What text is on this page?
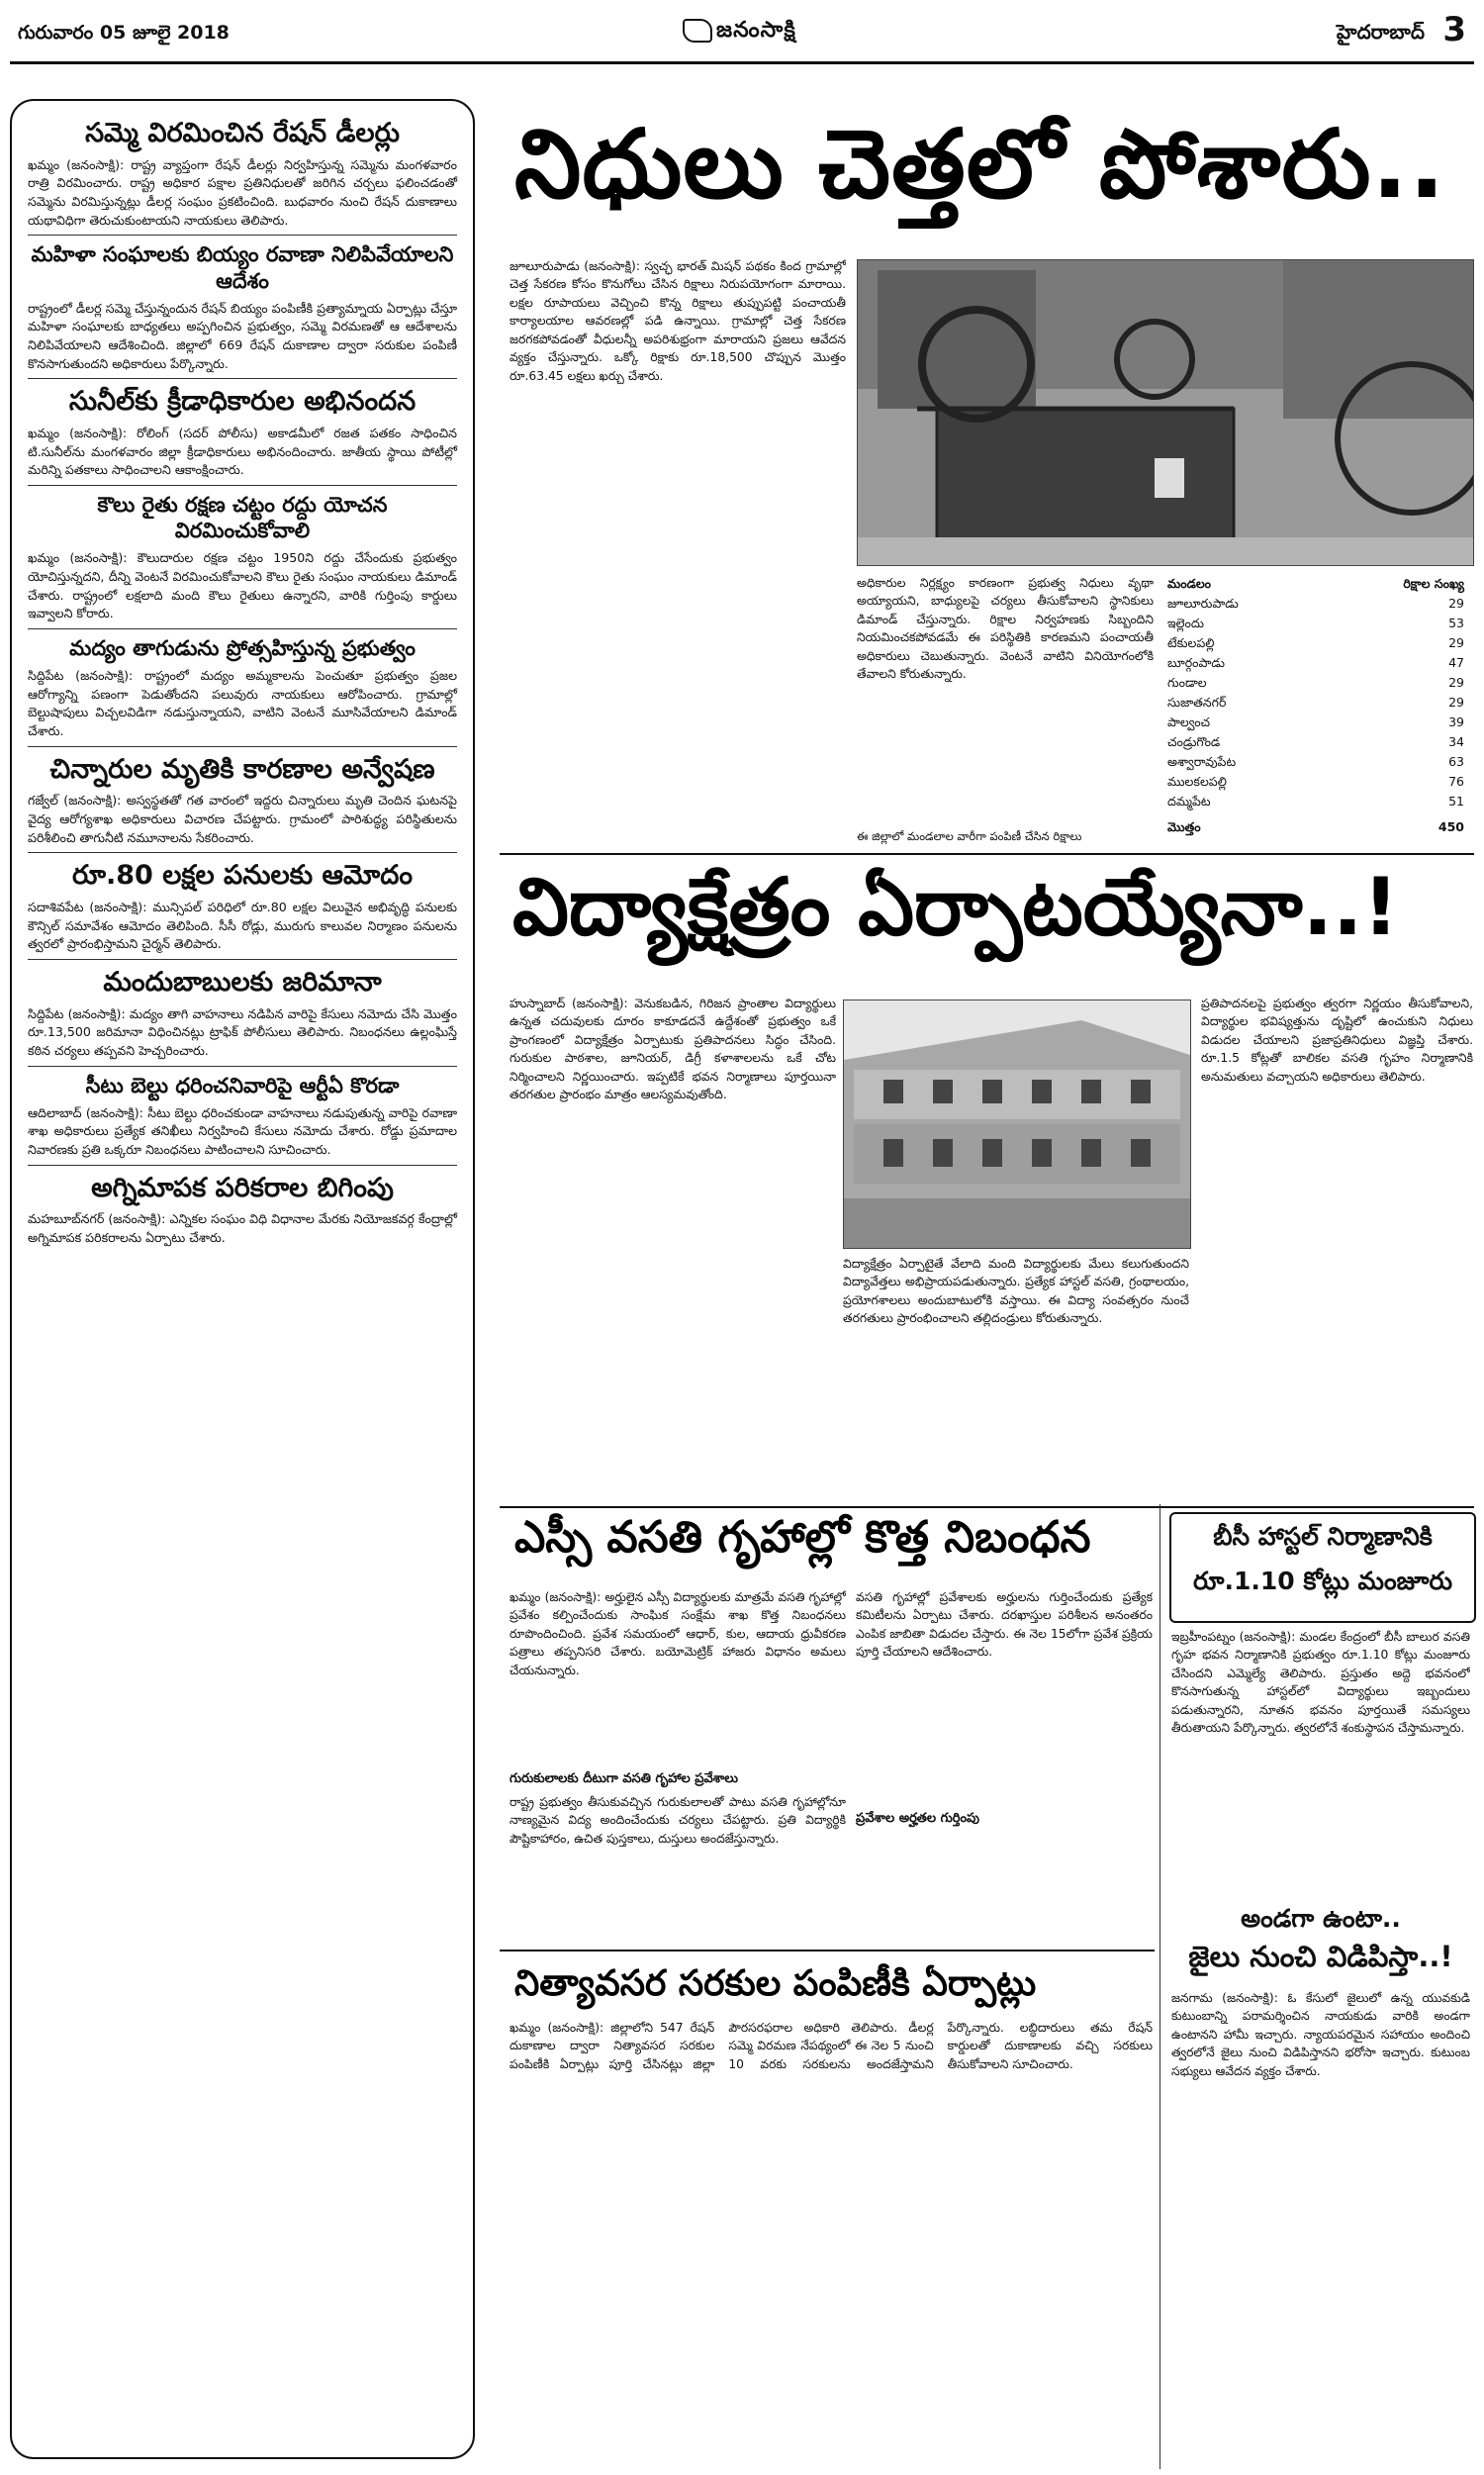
గురువారం 05 జూలై 2018	జనంసాక్షి	హైదరాబాద్ 3
సమ్మె విరమించిన రేషన్‌ డీలర్లు
ఖమ్మం (జనంసాక్షి): రాష్ట్ర వ్యాప్తంగా రేషన్‌ డీలర్లు నిర్వహిస్తున్న సమ్మెను మంగళవారం రాత్రి విరమించారు. రాష్ట్ర అధికార పక్షాల ప్రతినిధులతో జరిగిన చర్చలు ఫలించడంతో సమ్మెను విరమిస్తున్నట్లు డీలర్ల సంఘం ప్రకటించింది. బుధవారం నుంచి రేషన్‌ దుకాణాలు యథావిధిగా తెరుచుకుంటాయని నాయకులు తెలిపారు.
మహిళా సంఘాలకు బియ్యం రవాణా నిలిపివేయాలని ఆదేశం
రాష్ట్రంలో డీలర్ల సమ్మె చేస్తున్నందున రేషన్‌ బియ్యం పంపిణీకి ప్రత్యామ్నాయ ఏర్పాట్లు చేస్తూ మహిళా సంఘాలకు బాధ్యతలు అప్పగించిన ప్రభుత్వం, సమ్మె విరమణతో ఆ ఆదేశాలను నిలిపివేయాలని ఆదేశించింది. జిల్లాలో 669 రేషన్‌ దుకాణాల ద్వారా సరుకుల పంపిణీ కొనసాగుతుందని అధికారులు పేర్కొన్నారు.
సునీల్‌కు క్రీడాధికారుల అభినందన
ఖమ్మం (జనంసాక్షి): రోలింగ్‌ (సదర్‌ పోలీసు) అకాడమీలో రజత పతకం సాధించిన టి.సునీల్‌ను మంగళవారం జిల్లా క్రీడాధికారులు అభినందించారు. జాతీయ స్థాయి పోటీల్లో మరిన్ని పతకాలు సాధించాలని ఆకాంక్షించారు.
కౌలు రైతు రక్షణ చట్టం రద్దు యోచన విరమించుకోవాలి
ఖమ్మం (జనంసాక్షి): కౌలుదారుల రక్షణ చట్టం 1950ని రద్దు చేసేందుకు ప్రభుత్వం యోచిస్తున్నదని, దీన్ని వెంటనే విరమించుకోవాలని కౌలు రైతు సంఘం నాయకులు డిమాండ్‌ చేశారు. రాష్ట్రంలో లక్షలాది మంది కౌలు రైతులు ఉన్నారని, వారికి గుర్తింపు కార్డులు ఇవ్వాలని కోరారు.
మద్యం తాగుడును ప్రోత్సహిస్తున్న ప్రభుత్వం
సిద్దిపేట (జనంసాక్షి): రాష్ట్రంలో మద్యం అమ్మకాలను పెంచుతూ ప్రభుత్వం ప్రజల ఆరోగ్యాన్ని పణంగా పెడుతోందని పలువురు నాయకులు ఆరోపించారు. గ్రామాల్లో బెల్టుషాపులు విచ్చలవిడిగా నడుస్తున్నాయని, వాటిని వెంటనే మూసివేయాలని డిమాండ్‌ చేశారు.
చిన్నారుల మృతికి కారణాల అన్వేషణ
గజ్వేల్‌ (జనంసాక్షి): అస్వస్థతతో గత వారంలో ఇద్దరు చిన్నారులు మృతి చెందిన ఘటనపై వైద్య ఆరోగ్యశాఖ అధికారులు విచారణ చేపట్టారు. గ్రామంలో పారిశుద్ధ్య పరిస్థితులను పరిశీలించి తాగునీటి నమూనాలను సేకరించారు.
రూ.80 లక్షల పనులకు ఆమోదం
సదాశివపేట (జనంసాక్షి): మున్సిపల్‌ పరిధిలో రూ.80 లక్షల విలువైన అభివృద్ధి పనులకు కౌన్సిల్‌ సమావేశం ఆమోదం తెలిపింది. సీసీ రోడ్లు, మురుగు కాలువల నిర్మాణం పనులను త్వరలో ప్రారంభిస్తామని చైర్మన్‌ తెలిపారు.
మందుబాబులకు జరిమానా
సిద్దిపేట (జనంసాక్షి): మద్యం తాగి వాహనాలు నడిపిన వారిపై కేసులు నమోదు చేసి మొత్తం రూ.13,500 జరిమానా విధించినట్లు ట్రాఫిక్‌ పోలీసులు తెలిపారు. నిబంధనలు ఉల్లంఘిస్తే కఠిన చర్యలు తప్పవని హెచ్చరించారు.
సీటు బెల్టు ధరించనివారిపై ఆర్టీఏ కొరడా
ఆదిలాబాద్‌ (జనంసాక్షి): సీటు బెల్టు ధరించకుండా వాహనాలు నడుపుతున్న వారిపై రవాణా శాఖ అధికారులు ప్రత్యేక తనిఖీలు నిర్వహించి కేసులు నమోదు చేశారు. రోడ్డు ప్రమాదాల నివారణకు ప్రతి ఒక్కరూ నిబంధనలు పాటించాలని సూచించారు.
అగ్నిమాపక పరికరాల బిగింపు
మహబూబ్‌నగర్‌ (జనంసాక్షి): ఎన్నికల సంఘం విధి విధానాల మేరకు నియోజకవర్గ కేంద్రాల్లో అగ్నిమాపక పరికరాలను ఏర్పాటు చేశారు.
నిధులు చెత్తలో పోశారు..
జూలూరుపాడు (జనంసాక్షి): స్వచ్ఛ భారత్‌ మిషన్‌ పథకం కింద గ్రామాల్లో చెత్త సేకరణ కోసం కొనుగోలు చేసిన రిక్షాలు నిరుపయోగంగా మారాయి. లక్షల రూపాయలు వెచ్చించి కొన్న రిక్షాలు తుప్పుపట్టి పంచాయతీ కార్యాలయాల ఆవరణల్లో పడి ఉన్నాయి. గ్రామాల్లో చెత్త సేకరణ జరగకపోవడంతో వీధులన్నీ అపరిశుభ్రంగా మారాయని ప్రజలు ఆవేదన వ్యక్తం చేస్తున్నారు. ఒక్కో రిక్షాకు రూ.18,500 చొప్పున మొత్తం రూ.63.45 లక్షలు ఖర్చు చేశారు.
అధికారుల నిర్లక్ష్యం కారణంగా ప్రభుత్వ నిధులు వృథా అయ్యాయని, బాధ్యులపై చర్యలు తీసుకోవాలని స్థానికులు డిమాండ్‌ చేస్తున్నారు. రిక్షాల నిర్వహణకు సిబ్బందిని నియమించకపోవడమే ఈ పరిస్థితికి కారణమని పంచాయతీ అధికారులు చెబుతున్నారు. వెంటనే వాటిని వినియోగంలోకి తేవాలని కోరుతున్నారు.
మండలం	రిక్షాల సంఖ్య
జూలూరుపాడు	29
ఇల్లెందు	53
టేకులపల్లి	29
బూర్గంపాడు	47
గుండాల	29
సుజాతనగర్‌	29
పాల్వంచ	39
చండ్రుగొండ	34
అశ్వారావుపేట	63
ములకలపల్లి	76
దమ్మపేట	51
మొత్తం	450
ఈ జిల్లాలో మండలాల వారీగా పంపిణీ చేసిన రిక్షాలు
విద్యాక్షేత్రం ఏర్పాటయ్యేనా..!
హుస్నాబాద్‌ (జనంసాక్షి): వెనుకబడిన, గిరిజన ప్రాంతాల విద్యార్థులు ఉన్నత చదువులకు దూరం కాకూడదనే ఉద్దేశంతో ప్రభుత్వం ఒకే ప్రాంగణంలో విద్యాక్షేత్రం ఏర్పాటుకు ప్రతిపాదనలు సిద్ధం చేసింది. గురుకుల పాఠశాల, జూనియర్‌, డిగ్రీ కళాశాలలను ఒకే చోట నిర్మించాలని నిర్ణయించారు. ఇప్పటికే భవన నిర్మాణాలు పూర్తయినా తరగతుల ప్రారంభం మాత్రం ఆలస్యమవుతోంది.
విద్యాక్షేత్రం ఏర్పాటైతే వేలాది మంది విద్యార్థులకు మేలు కలుగుతుందని విద్యావేత్తలు అభిప్రాయపడుతున్నారు. ప్రత్యేక హాస్టల్‌ వసతి, గ్రంథాలయం, ప్రయోగశాలలు అందుబాటులోకి వస్తాయి. ఈ విద్యా సంవత్సరం నుంచే తరగతులు ప్రారంభించాలని తల్లిదండ్రులు కోరుతున్నారు.
ప్రతిపాదనలపై ప్రభుత్వం త్వరగా నిర్ణయం తీసుకోవాలని, విద్యార్థుల భవిష్యత్తును దృష్టిలో ఉంచుకుని నిధులు విడుదల చేయాలని ప్రజాప్రతినిధులు విజ్ఞప్తి చేశారు. రూ.1.5 కోట్లతో బాలికల వసతి గృహం నిర్మాణానికి అనుమతులు వచ్చాయని అధికారులు తెలిపారు.
ఎస్సీ వసతి గృహాల్లో కొత్త నిబంధన
ఖమ్మం (జనంసాక్షి): అర్హులైన ఎస్సీ విద్యార్థులకు మాత్రమే వసతి గృహాల్లో ప్రవేశం కల్పించేందుకు సాంఘిక సంక్షేమ శాఖ కొత్త నిబంధనలు రూపొందించింది. ప్రవేశ సమయంలో ఆధార్‌, కుల, ఆదాయ ధ్రువీకరణ పత్రాలు తప్పనిసరి చేశారు. బయోమెట్రిక్‌ హాజరు విధానం అమలు చేయనున్నారు.
గురుకులాలకు దీటుగా వసతి గృహాల ప్రవేశాలు
రాష్ట్ర ప్రభుత్వం తీసుకువచ్చిన గురుకులాలతో పాటు వసతి గృహాల్లోనూ నాణ్యమైన విద్య అందించేందుకు చర్యలు చేపట్టారు. ప్రతి విద్యార్థికి పౌష్టికాహారం, ఉచిత పుస్తకాలు, దుస్తులు అందజేస్తున్నారు.
ప్రవేశాల అర్హతల గుర్తింపు
వసతి గృహాల్లో ప్రవేశాలకు అర్హులను గుర్తించేందుకు ప్రత్యేక కమిటీలను ఏర్పాటు చేశారు. దరఖాస్తుల పరిశీలన అనంతరం ఎంపిక జాబితా విడుదల చేస్తారు. ఈ నెల 15లోగా ప్రవేశ ప్రక్రియ పూర్తి చేయాలని ఆదేశించారు.
బీసీ హాస్టల్‌ నిర్మాణానికి
రూ.1.10 కోట్లు మంజూరు
ఇబ్రహీంపట్నం (జనంసాక్షి): మండల కేంద్రంలో బీసీ బాలుర వసతి గృహ భవన నిర్మాణానికి ప్రభుత్వం రూ.1.10 కోట్లు మంజూరు చేసిందని ఎమ్మెల్యే తెలిపారు. ప్రస్తుతం అద్దె భవనంలో కొనసాగుతున్న హాస్టల్‌లో విద్యార్థులు ఇబ్బందులు పడుతున్నారని, నూతన భవనం పూర్తయితే సమస్యలు తీరుతాయని పేర్కొన్నారు. త్వరలోనే శంకుస్థాపన చేస్తామన్నారు.
అండగా ఉంటా..
జైలు నుంచి విడిపిస్తా..!
జనగామ (జనంసాక్షి): ఓ కేసులో జైలులో ఉన్న యువకుడి కుటుంబాన్ని పరామర్శించిన నాయకుడు వారికి అండగా ఉంటానని హామీ ఇచ్చారు. న్యాయపరమైన సహాయం అందించి త్వరలోనే జైలు నుంచి విడిపిస్తానని భరోసా ఇచ్చారు. కుటుంబ సభ్యులు ఆవేదన వ్యక్తం చేశారు.
నిత్యావసర సరకుల పంపిణీకి ఏర్పాట్లు
ఖమ్మం (జనంసాక్షి): జిల్లాలోని 547 రేషన్‌ దుకాణాల ద్వారా నిత్యావసర సరకుల పంపిణీకి ఏర్పాట్లు పూర్తి చేసినట్లు జిల్లా పౌరసరఫరాల అధికారి తెలిపారు. డీలర్ల సమ్మె విరమణ నేపథ్యంలో ఈ నెల 5 నుంచి 10 వరకు సరకులను అందజేస్తామని పేర్కొన్నారు. లబ్ధిదారులు తమ రేషన్‌ కార్డులతో దుకాణాలకు వచ్చి సరకులు తీసుకోవాలని సూచించారు.
